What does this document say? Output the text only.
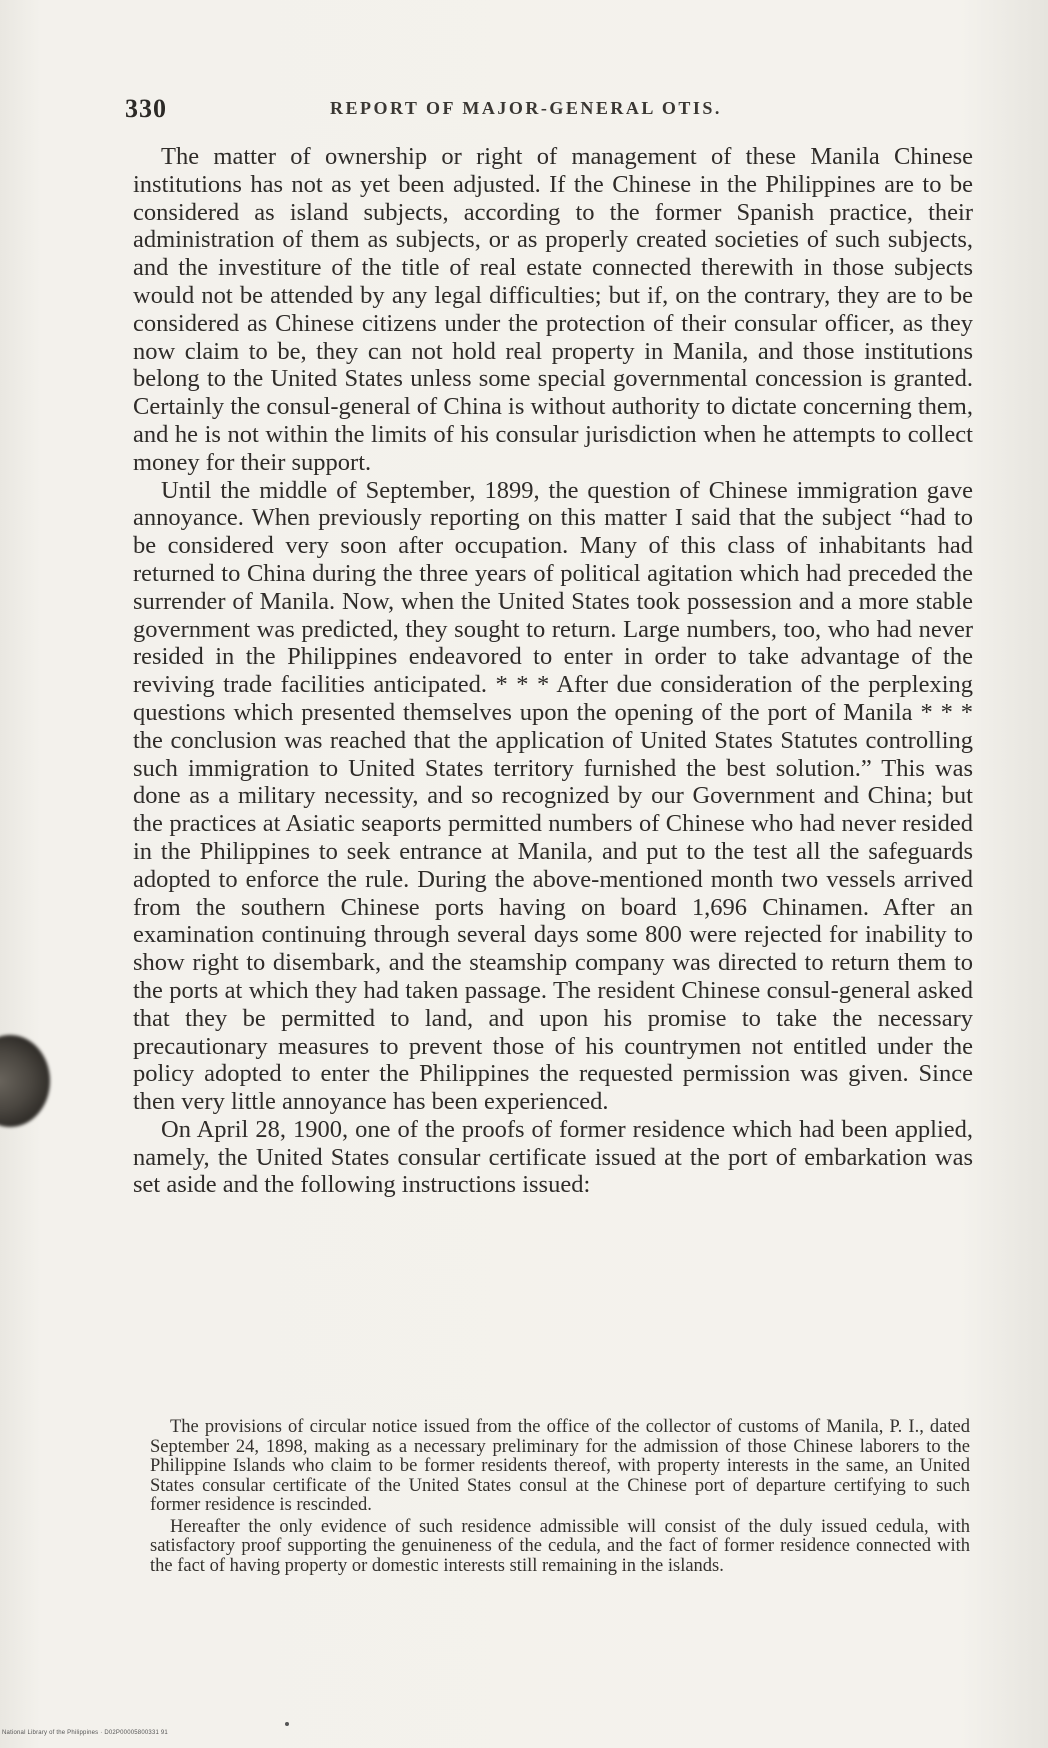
330	REPORT OF MAJOR-GENERAL OTIS.

The matter of ownership or right of management of these Manila Chinese institutions has not as yet been adjusted. If the Chinese in the Philippines are to be considered as island subjects, according to the former Spanish practice, their administration of them as subjects, or as properly created societies of such subjects, and the investiture of the title of real estate connected therewith in those subjects would not be attended by any legal difficulties; but if, on the contrary, they are to be considered as Chinese citizens under the protection of their consular officer, as they now claim to be, they can not hold real property in Manila, and those institutions belong to the United States unless some special governmental concession is granted. Certainly the consul-general of China is without authority to dictate concerning them, and he is not within the limits of his consular jurisdiction when he attempts to collect money for their support.

Until the middle of September, 1899, the question of Chinese immigration gave annoyance. When previously reporting on this matter I said that the subject “had to be considered very soon after occupation. Many of this class of inhabitants had returned to China during the three years of political agitation which had preceded the surrender of Manila. Now, when the United States took possession and a more stable government was predicted, they sought to return. Large numbers, too, who had never resided in the Philippines endeavored to enter in order to take advantage of the reviving trade facilities anticipated. * * * After due consideration of the perplexing questions which presented themselves upon the opening of the port of Manila * * * the conclusion was reached that the application of United States Statutes controlling such immigration to United States territory furnished the best solution.” This was done as a military necessity, and so recognized by our Government and China; but the practices at Asiatic seaports permitted numbers of Chinese who had never resided in the Philippines to seek entrance at Manila, and put to the test all the safeguards adopted to enforce the rule. During the above-mentioned month two vessels arrived from the southern Chinese ports having on board 1,696 Chinamen. After an examination continuing through several days some 800 were rejected for inability to show right to disembark, and the steamship company was directed to return them to the ports at which they had taken passage. The resident Chinese consul-general asked that they be permitted to land, and upon his promise to take the necessary precautionary measures to prevent those of his countrymen not entitled under the policy adopted to enter the Philippines the requested permission was given. Since then very little annoyance has been experienced.

On April 28, 1900, one of the proofs of former residence which had been applied, namely, the United States consular certificate issued at the port of embarkation was set aside and the following instructions issued:

The provisions of circular notice issued from the office of the collector of customs of Manila, P. I., dated September 24, 1898, making as a necessary preliminary for the admission of those Chinese laborers to the Philippine Islands who claim to be former residents thereof, with property interests in the same, an United States consular certificate of the United States consul at the Chinese port of departure certifying to such former residence is rescinded.

Hereafter the only evidence of such residence admissible will consist of the duly issued cedula, with satisfactory proof supporting the genuineness of the cedula, and the fact of former residence connected with the fact of having property or domestic interests still remaining in the islands.

National Library of the Philippines · D02P00005800331 91
